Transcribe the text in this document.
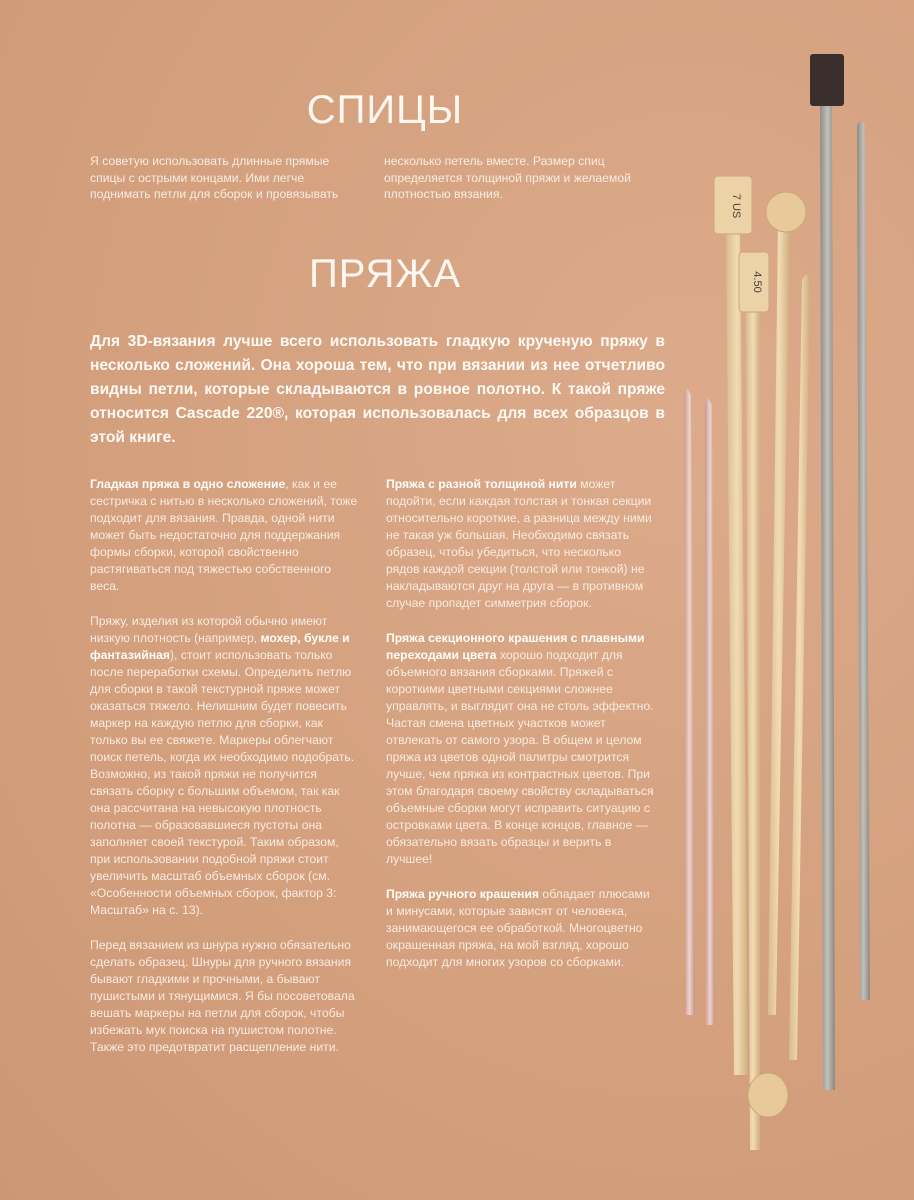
СПИЦЫ
Я советую использовать длинные прямые спицы с острыми концами. Ими легче поднимать петли для сборок и провязывать
несколько петель вместе. Размер спиц определяется толщиной пряжи и желаемой плотностью вязания.
ПРЯЖА
Для 3D-вязания лучше всего использовать гладкую крученую пряжу в несколько сложений. Она хороша тем, что при вязании из нее отчетливо видны петли, которые складываются в ровное полотно. К такой пряже относится Cascade 220®, которая использовалась для всех образцов в этой книге.

Гладкая пряжа в одно сложение, как и ее сестричка с нитью в несколько сложений, тоже подходит для вязания. Правда, одной нити может быть недостаточно для поддержания формы сборки, которой свойственно растягиваться под тяжестью собственного веса.

Пряжу, изделия из которой обычно имеют низкую плотность (например, мохер, букле и фантазийная), стоит использовать только после переработки схемы. Определить петлю для сборки в такой текстурной пряже может оказаться тяжело. Нелишним будет повесить маркер на каждую петлю для сборки, как только вы ее свяжете. Маркеры облегчают поиск петель, когда их необходимо подобрать. Возможно, из такой пряжи не получится связать сборку с большим объемом, так как она рассчитана на невысокую плотность полотна — образовавшиеся пустоты она заполняет своей текстурой. Таким образом, при использовании подобной пряжи стоит увеличить масштаб объемных сборок (см. «Особенности объемных сборок, фактор 3: Масштаб» на с. 13).

Перед вязанием из шнура нужно обязательно сделать образец. Шнуры для ручного вязания бывают гладкими и прочными, а бывают пушистыми и тянущимися. Я бы посоветовала вешать маркеры на петли для сборок, чтобы избежать мук поиска на пушистом полотне. Также это предотвратит расщепление нити.

Пряжа с разной толщиной нити может подойти, если каждая толстая и тонкая секции относительно короткие, а разница между ними не такая уж большая. Необходимо связать образец, чтобы убедиться, что несколько рядов каждой секции (толстой или тонкой) не накладываются друг на друга — в противном случае пропадет симметрия сборок.

Пряжа секционного крашения с плавными переходами цвета хорошо подходит для объемного вязания сборками. Пряжей с короткими цветными секциями сложнее управлять, и выглядит она не столь эффектно. Частая смена цветных участков может отвлекать от самого узора. В общем и целом пряжа из цветов одной палитры смотрится лучше, чем пряжа из контрастных цветов. При этом благодаря своему свойству складываться объемные сборки могут исправить ситуацию с островками цвета. В конце концов, главное — обязательно вязать образцы и верить в лучшее!

Пряжа ручного крашения обладает плюсами и минусами, которые зависят от человека, занимающегося ее обработкой. Многоцветно окрашенная пряжа, на мой взгляд, хорошо подходит для многих узоров со сборками.

7 US
4.50
